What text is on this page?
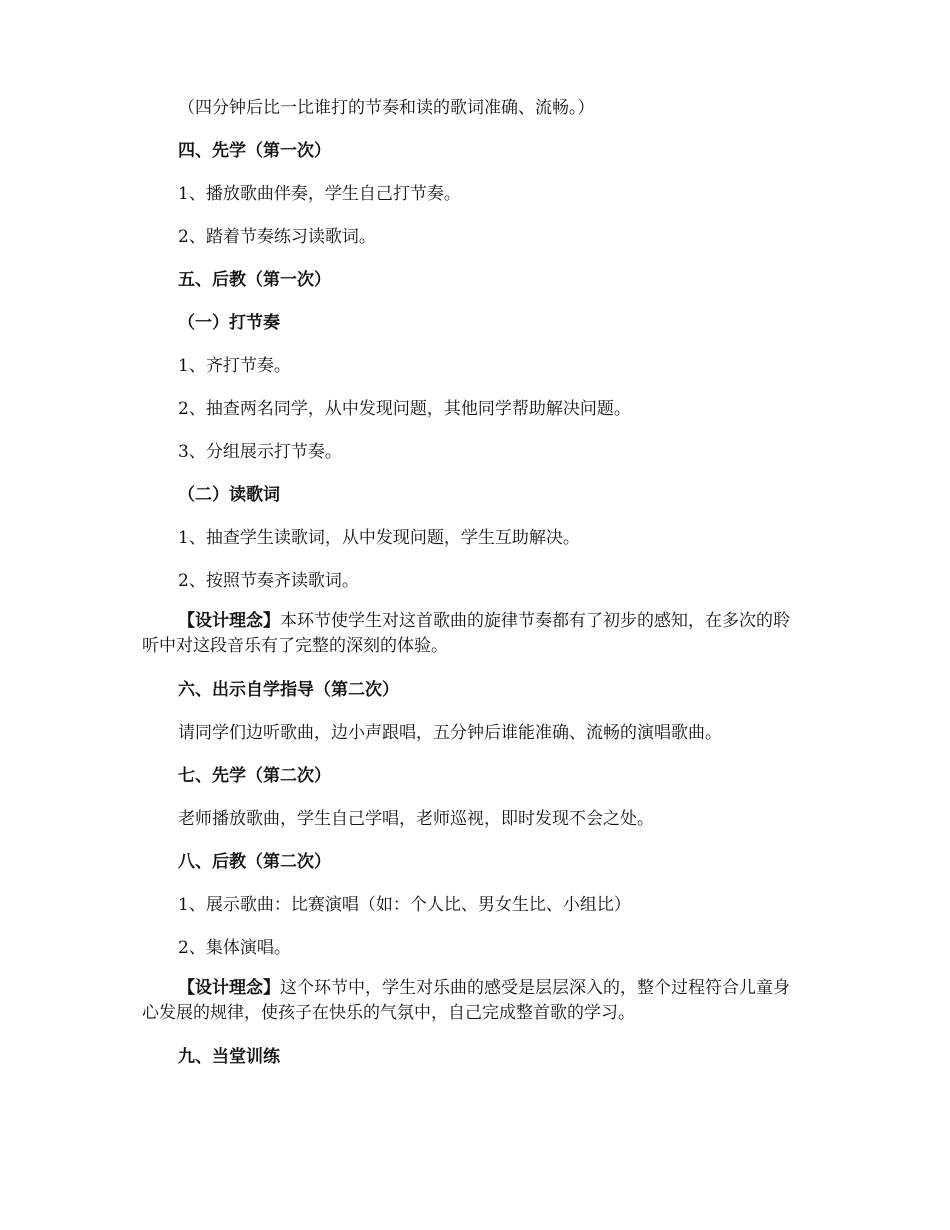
（四分钟后比一比谁打的节奏和读的歌词准确、流畅。）
四、先学（第一次）
1、播放歌曲伴奏，学生自己打节奏。
2、踏着节奏练习读歌词。
五、后教（第一次）
（一）打节奏
1、齐打节奏。
2、抽查两名同学，从中发现问题，其他同学帮助解决问题。
3、分组展示打节奏。
（二）读歌词
1、抽查学生读歌词，从中发现问题，学生互助解决。
2、按照节奏齐读歌词。
【设计理念】本环节使学生对这首歌曲的旋律节奏都有了初步的感知，在多次的聆听中对这段音乐有了完整的深刻的体验。
六、出示自学指导（第二次）
请同学们边听歌曲，边小声跟唱，五分钟后谁能准确、流畅的演唱歌曲。
七、先学（第二次）
老师播放歌曲，学生自己学唱，老师巡视，即时发现不会之处。
八、后教（第二次）
1、展示歌曲：比赛演唱（如：个人比、男女生比、小组比）
2、集体演唱。
【设计理念】这个环节中，学生对乐曲的感受是层层深入的，整个过程符合儿童身心发展的规律，使孩子在快乐的气氛中，自己完成整首歌的学习。
九、当堂训练
